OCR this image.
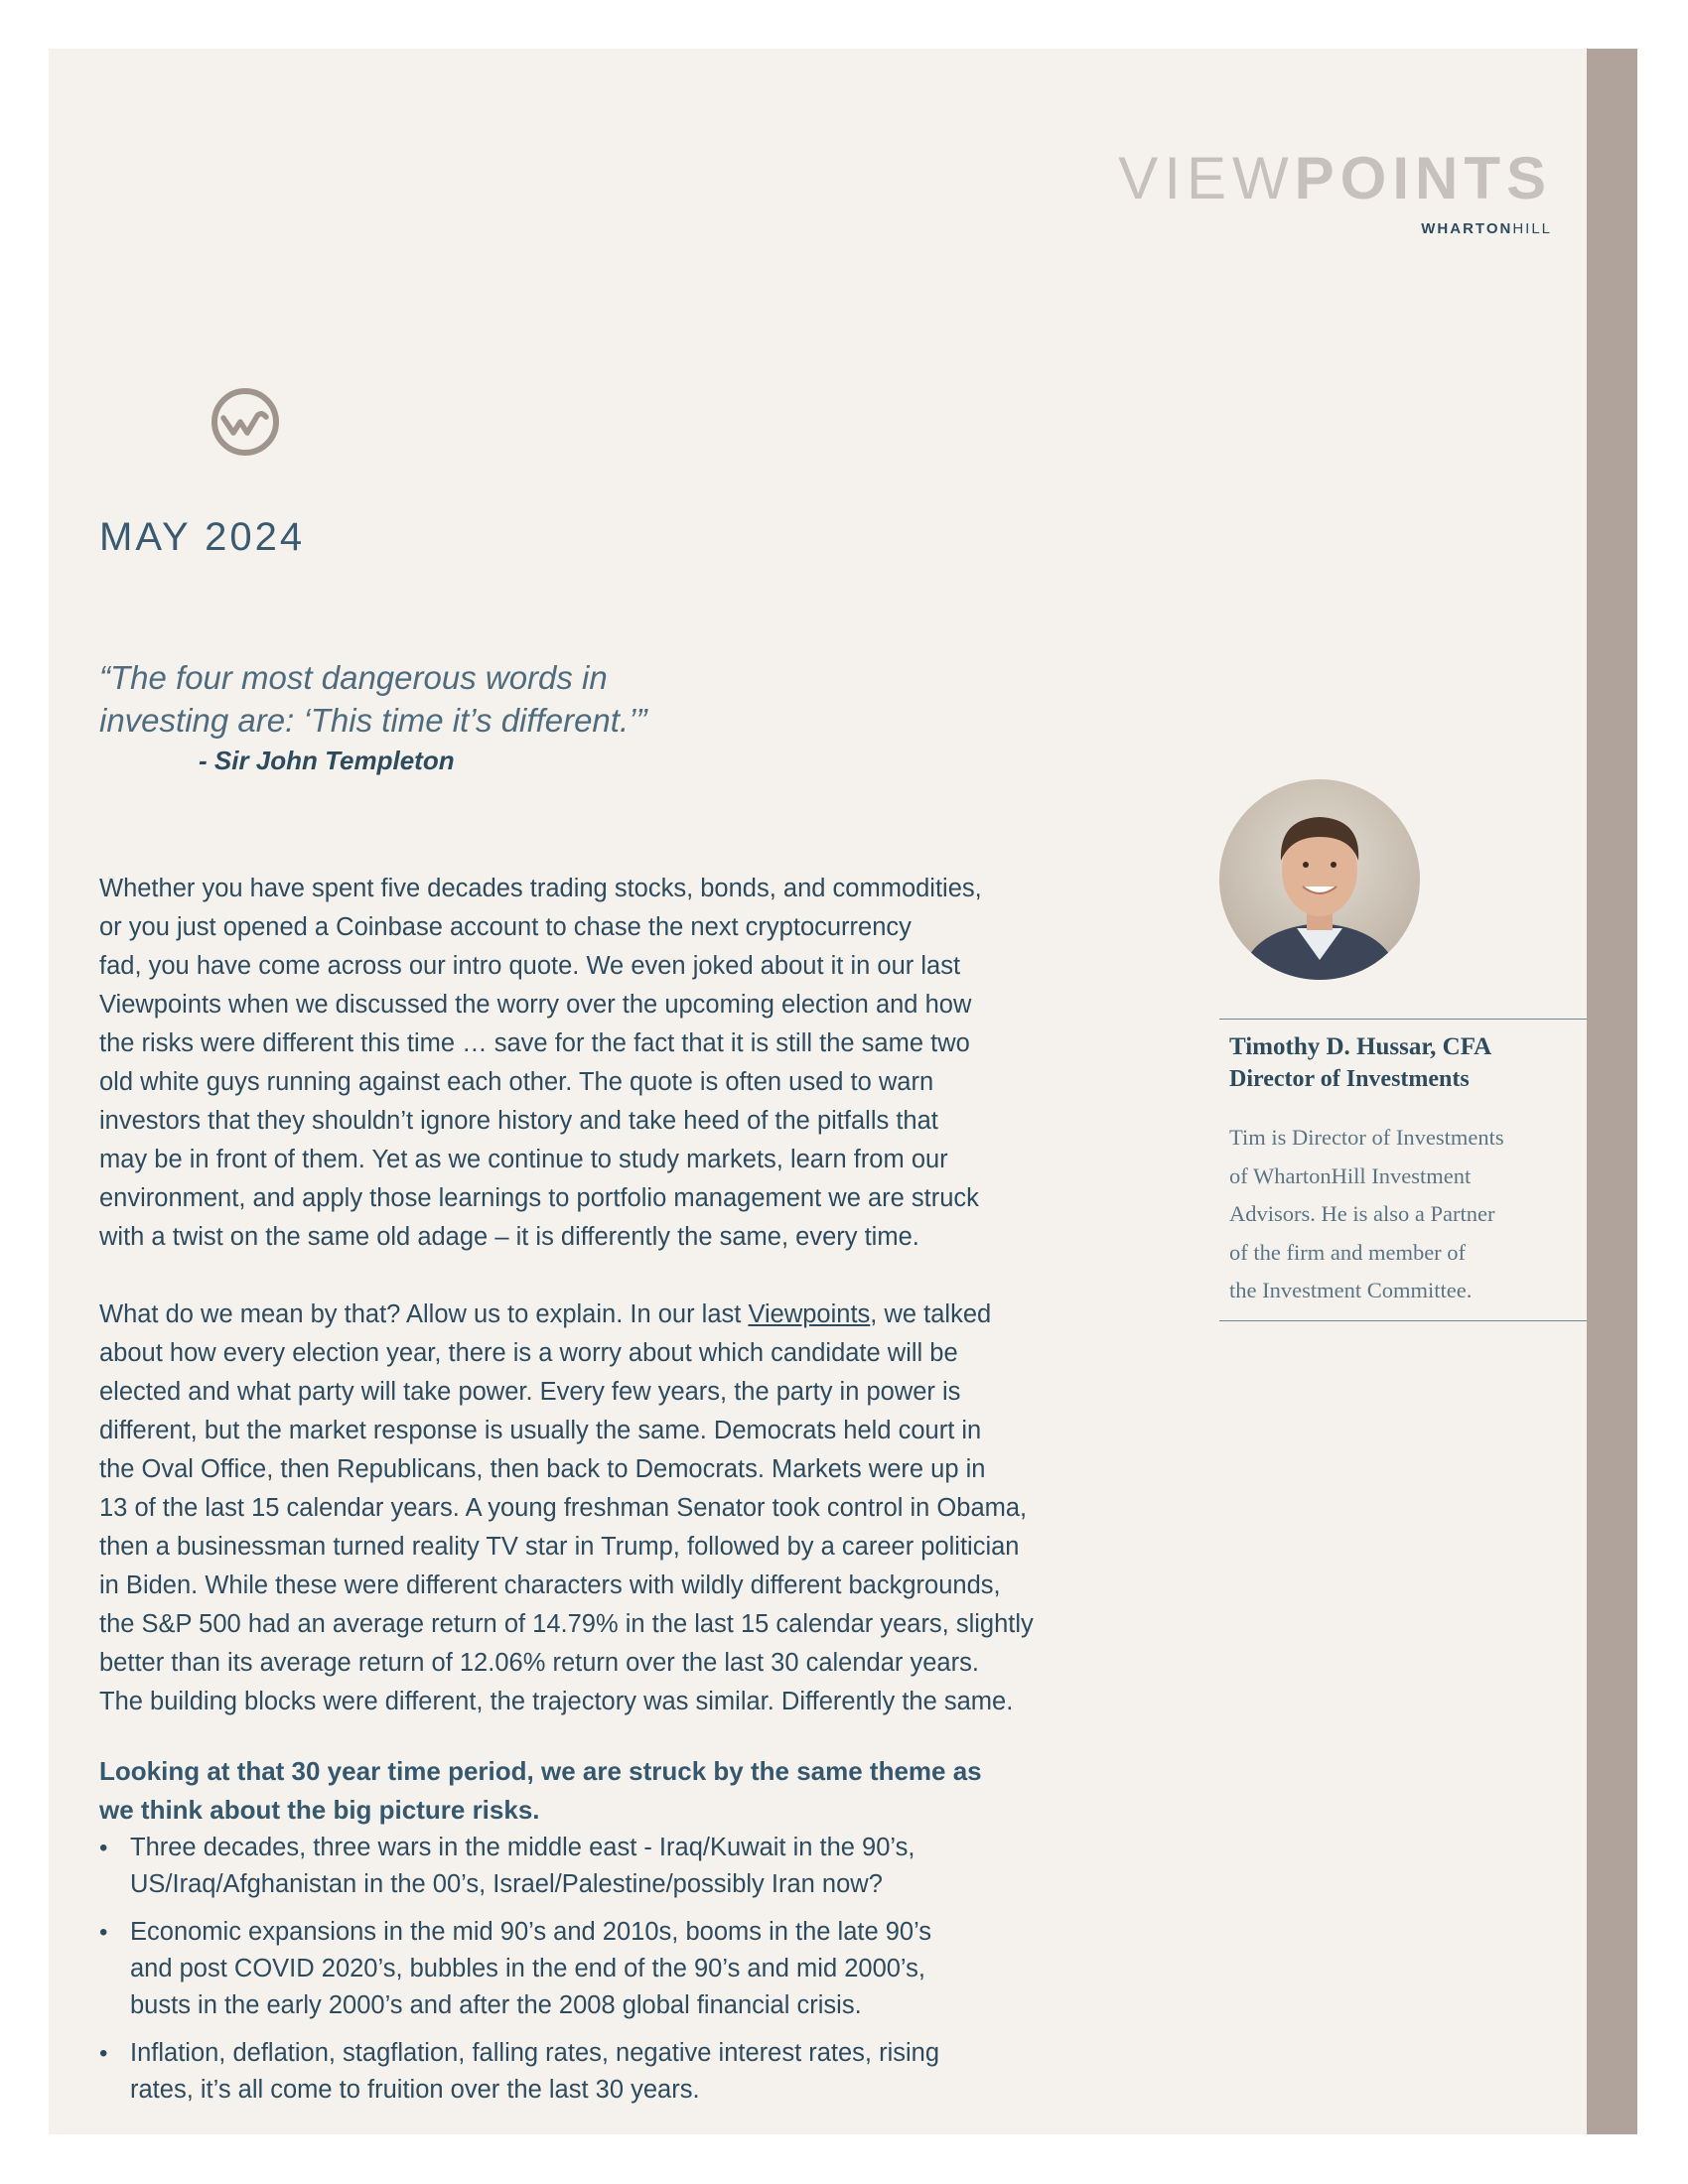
VIEWPOINTS
WHARTONHILL
MAY 2024
“The four most dangerous words in
investing are: ‘This time it’s different.’”
- Sir John Templeton
Whether you have spent five decades trading stocks, bonds, and commodities,
or you just opened a Coinbase account to chase the next cryptocurrency
fad, you have come across our intro quote. We even joked about it in our last
Viewpoints when we discussed the worry over the upcoming election and how
the risks were different this time … save for the fact that it is still the same two
old white guys running against each other. The quote is often used to warn
investors that they shouldn’t ignore history and take heed of the pitfalls that
may be in front of them. Yet as we continue to study markets, learn from our
environment, and apply those learnings to portfolio management we are struck
with a twist on the same old adage – it is differently the same, every time.
What do we mean by that? Allow us to explain. In our last Viewpoints, we talked
about how every election year, there is a worry about which candidate will be
elected and what party will take power. Every few years, the party in power is
different, but the market response is usually the same. Democrats held court in
the Oval Office, then Republicans, then back to Democrats. Markets were up in
13 of the last 15 calendar years. A young freshman Senator took control in Obama,
then a businessman turned reality TV star in Trump, followed by a career politician
in Biden. While these were different characters with wildly different backgrounds,
the S&P 500 had an average return of 14.79% in the last 15 calendar years, slightly
better than its average return of 12.06% return over the last 30 calendar years.
The building blocks were different, the trajectory was similar. Differently the same.
Looking at that 30 year time period, we are struck by the same theme as
we think about the big picture risks.
• Three decades, three wars in the middle east - Iraq/Kuwait in the 90’s,
US/Iraq/Afghanistan in the 00’s, Israel/Palestine/possibly Iran now?
• Economic expansions in the mid 90’s and 2010s, booms in the late 90’s
and post COVID 2020’s, bubbles in the end of the 90’s and mid 2000’s,
busts in the early 2000’s and after the 2008 global financial crisis.
• Inflation, deflation, stagflation, falling rates, negative interest rates, rising
rates, it’s all come to fruition over the last 30 years.
Timothy D. Hussar, CFA
Director of Investments
Tim is Director of Investments
of WhartonHill Investment
Advisors. He is also a Partner
of the firm and member of
the Investment Committee.
